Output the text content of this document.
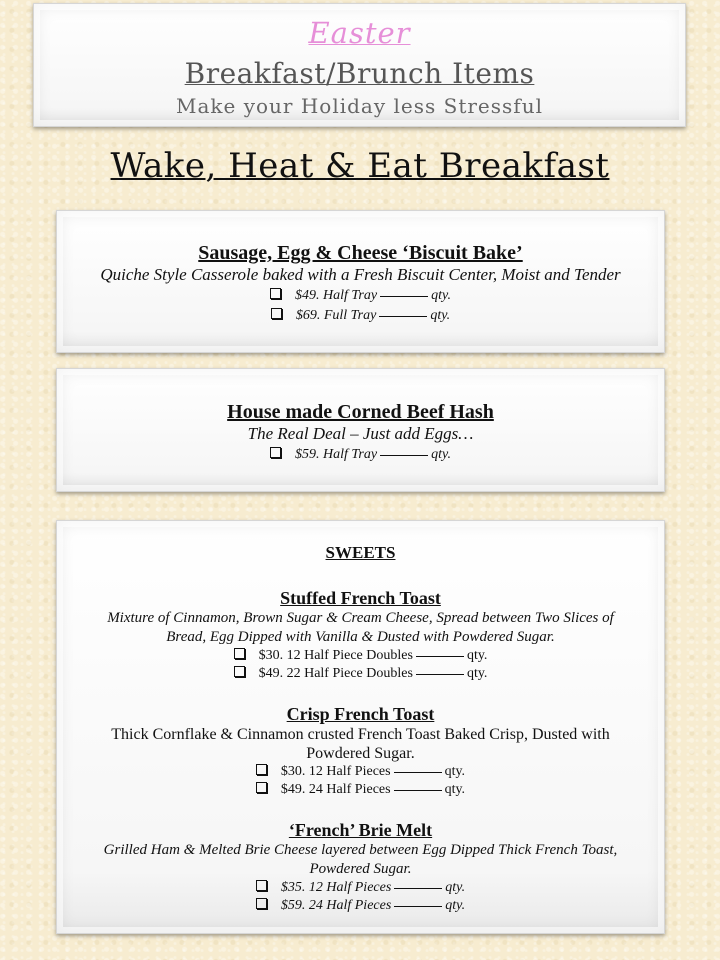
Easter
Breakfast/Brunch Items
Make your Holiday less Stressful
Wake, Heat & Eat Breakfast
Sausage, Egg & Cheese ‘Biscuit Bake’
Quiche Style Casserole baked with a Fresh Biscuit Center, Moist and Tender
$49. Half Tray	qty.
$69. Full Tray	qty.
House made Corned Beef Hash
The Real Deal – Just add Eggs…
$59. Half Tray	qty.
SWEETS
Stuffed French Toast
Mixture of Cinnamon, Brown Sugar & Cream Cheese, Spread between Two Slices of
Bread, Egg Dipped with Vanilla & Dusted with Powdered Sugar.
$30. 12 Half Piece Doubles	qty.
$49. 22 Half Piece Doubles	qty.
Crisp French Toast
Thick Cornflake & Cinnamon crusted French Toast Baked Crisp, Dusted with
Powdered Sugar.
$30. 12 Half Pieces	qty.
$49. 24 Half Pieces	qty.
‘French’ Brie Melt
Grilled Ham & Melted Brie Cheese layered between Egg Dipped Thick French Toast,
Powdered Sugar.
$35. 12 Half Pieces	qty.
$59. 24 Half Pieces	qty.
